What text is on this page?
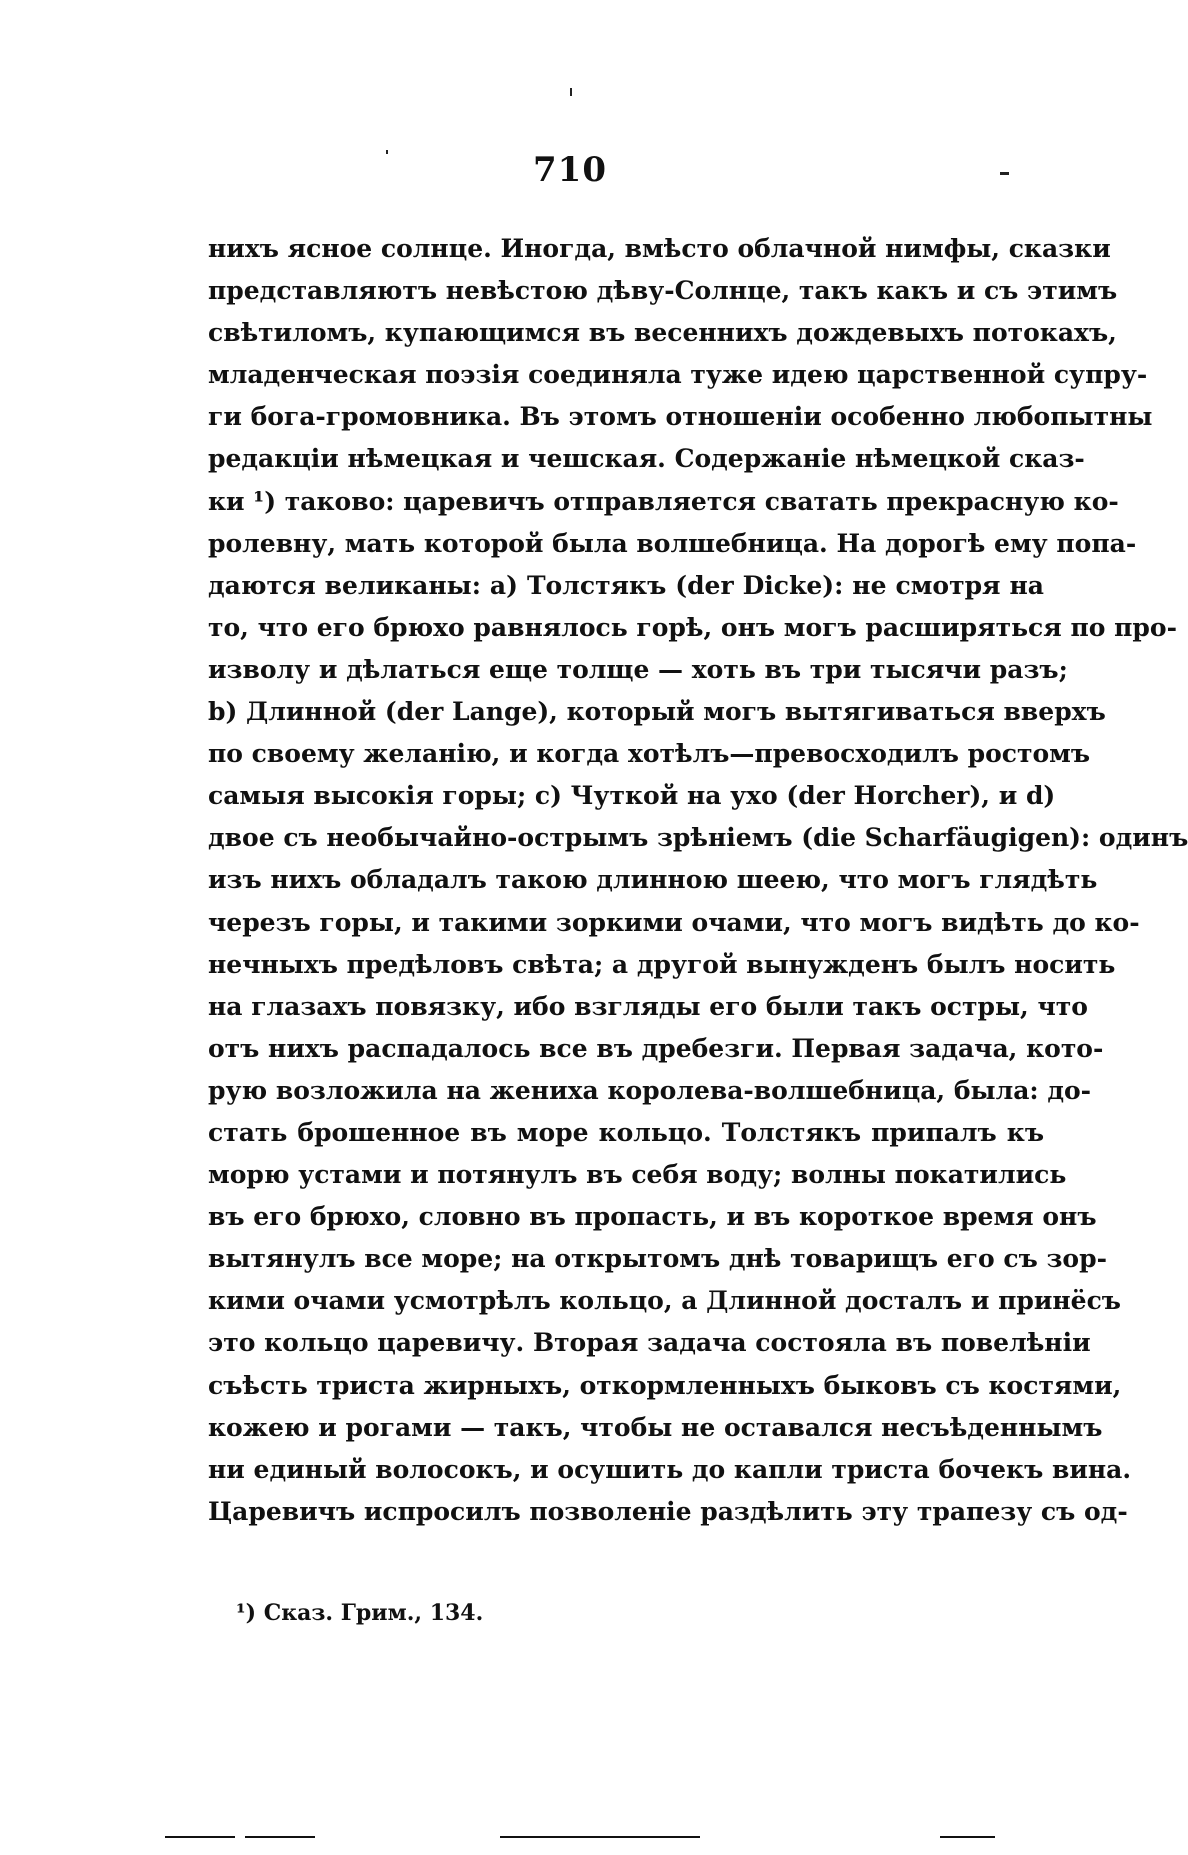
710
нихъ ясное солнце. Иногда, вмѣсто облачной нимфы, сказки
представляютъ невѣстою дѣву-Солнце, такъ какъ и съ этимъ
свѣтиломъ, купающимся въ весеннихъ дождевыхъ потокахъ,
младенческая поэзія соединяла туже идею царственной супру-
ги бога-громовника. Въ этомъ отношеніи особенно любопытны
редакціи нѣмецкая и чешская. Содержаніе нѣмецкой сказ-
ки ¹) таково: царевичъ отправляется сватать прекрасную ко-
ролевну, мать которой была волшебница. На дорогѣ ему попа-
даются великаны: a) Толстякъ (der Dicke): не смотря на
то, что его брюхо равнялось горѣ, онъ могъ расширяться по про-
изволу и дѣлаться еще толще — хоть въ три тысячи разъ;
b) Длинной (der Lange), который могъ вытягиваться вверхъ
по своему желанію, и когда хотѣлъ—превосходилъ ростомъ
самыя высокія горы; c) Чуткой на ухо (der Horcher), и d)
двое съ необычайно-острымъ зрѣніемъ (die Scharfäugigen): одинъ
изъ нихъ обладалъ такою длинною шеею, что могъ глядѣть
черезъ горы, и такими зоркими очами, что могъ видѣть до ко-
нечныхъ предѣловъ свѣта; а другой вынужденъ былъ носить
на глазахъ повязку, ибо взгляды его были такъ остры, что
отъ нихъ распадалось все въ дребезги. Первая задача, кото-
рую возложила на жениха королева-волшебница, была: до-
стать брошенное въ море кольцо. Толстякъ припалъ къ
морю устами и потянулъ въ себя воду; волны покатились
въ его брюхо, словно въ пропасть, и въ короткое время онъ
вытянулъ все море; на открытомъ днѣ товарищъ его съ зор-
кими очами усмотрѣлъ кольцо, а Длинной досталъ и принёсъ
это кольцо царевичу. Вторая задача состояла въ повелѣніи
съѣсть триста жирныхъ, откормленныхъ быковъ съ костями,
кожею и рогами — такъ, чтобы не оставался несъѣденнымъ
ни единый волосокъ, и осушить до капли триста бочекъ вина.
Царевичъ испросилъ позволеніе раздѣлить эту трапезу съ од-
¹) Сказ. Грим., 134.
